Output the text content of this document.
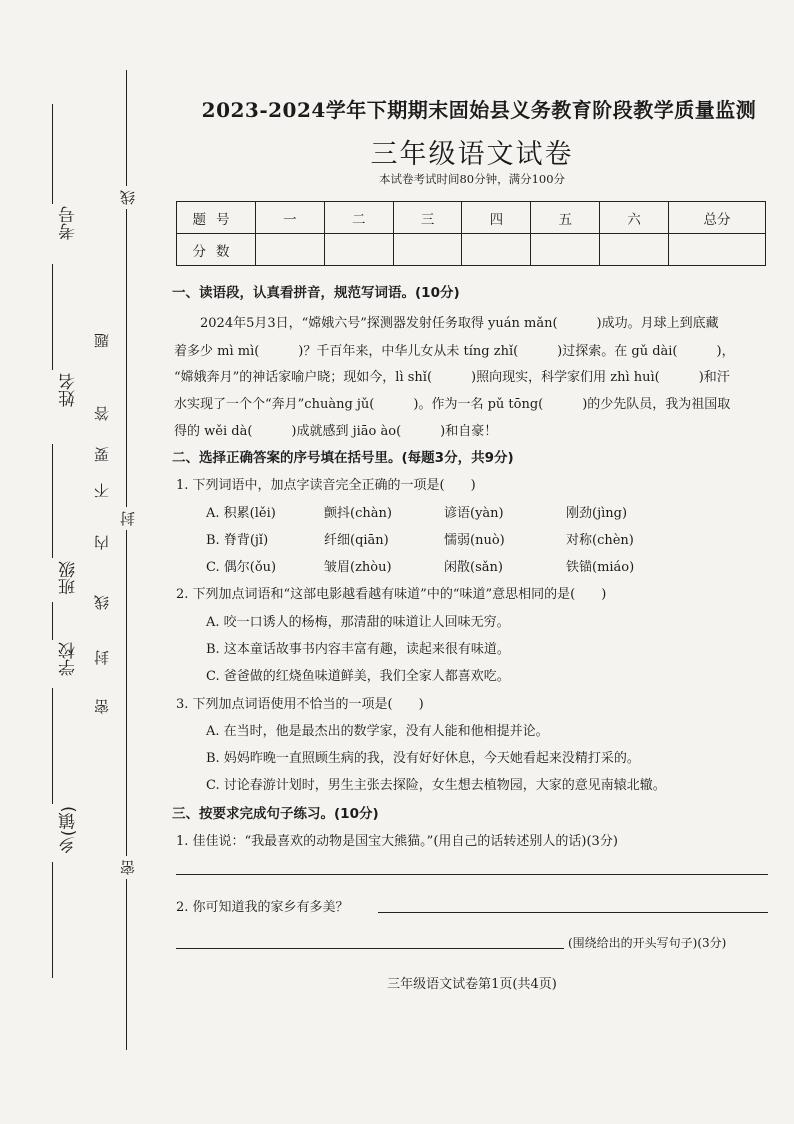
线
封
密
考号
姓名
班级
学校
乡(镇)
题
答
要
不
内
线
封
密
2023-2024学年下期期末固始县义务教育阶段教学质量监测
三年级语文试卷
本试卷考试时间80分钟，满分100分
题号	一	二	三	四	五	六	总分
分数							
一、读语段，认真看拼音，规范写词语。(10分)
2024年5月3日，“嫦娥六号”探测器发射任务取得 yuán mǎn(　　　)成功。月球上到底藏
着多少 mì mì(　　　)？千百年来，中华儿女从未 tíng zhǐ(　　　)过探索。在 gǔ dài(　　　)，
“嫦娥奔月”的神话家喻户晓；现如今，lì shǐ(　　　)照向现实，科学家们用 zhì huì(　　　)和汗
水实现了一个个“奔月”chuàng jǔ(　　　)。作为一名 pǔ tōng(　　　)的少先队员，我为祖国取
得的 wěi dà(　　　)成就感到 jiāo ào(　　　)和自豪！
二、选择正确答案的序号填在括号里。(每题3分，共9分)
1. 下列词语中，加点字读音完全正确的一项是(　　)
A. 积累(lěi)	颤抖(chàn)	谚语(yàn)	刚劲(jìng)
B. 脊背(jǐ)	纤细(qiān)	懦弱(nuò)	对称(chèn)
C. 偶尔(ǒu)	皱眉(zhòu)	闲散(sǎn)	铁锚(miáo)
2. 下列加点词语和“这部电影越看越有味道”中的“味道”意思相同的是(　　)
A. 咬一口诱人的杨梅，那清甜的味道让人回味无穷。
B. 这本童话故事书内容丰富有趣，读起来很有味道。
C. 爸爸做的红烧鱼味道鲜美，我们全家人都喜欢吃。
3. 下列加点词语使用不恰当的一项是(　　)
A. 在当时，他是最杰出的数学家，没有人能和他相提并论。
B. 妈妈昨晚一直照顾生病的我，没有好好休息，今天她看起来没精打采的。
C. 讨论春游计划时，男生主张去探险，女生想去植物园，大家的意见南辕北辙。
三、按要求完成句子练习。(10分)
1. 佳佳说：“我最喜欢的动物是国宝大熊猫。”(用自己的话转述别人的话)(3分)
2. 你可知道我的家乡有多美？
(围绕给出的开头写句子)(3分)
三年级语文试卷第1页(共4页)
